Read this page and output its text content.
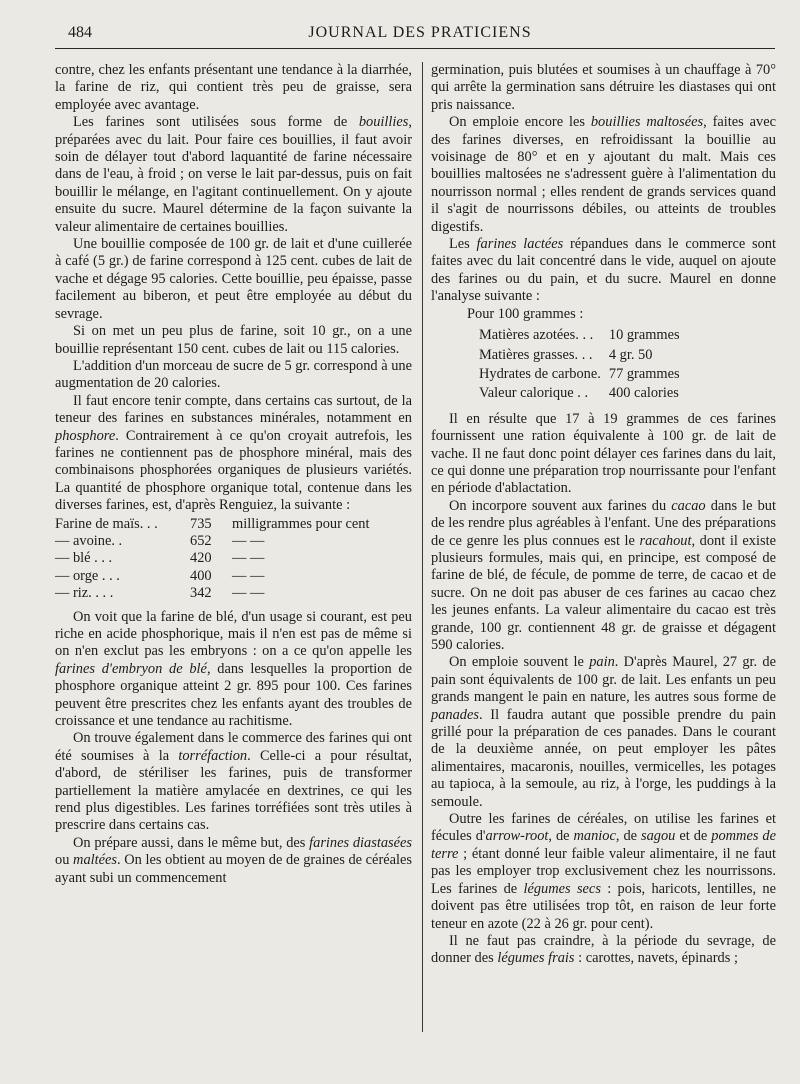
484	JOURNAL DES PRATICIENS

contre, chez les enfants présentant une tendance à la diarrhée, la farine de riz, qui contient très peu de graisse, sera employée avec avantage.

Les farines sont utilisées sous forme de bouillies, préparées avec du lait. Pour faire ces bouillies, il faut avoir soin de délayer tout d'abord laquantité de farine nécessaire dans de l'eau, à froid ; on verse le lait par-dessus, puis on fait bouillir le mélange, en l'agitant continuellement. On y ajoute ensuite du sucre. Maurel détermine de la façon suivante la valeur alimentaire de certaines bouillies.

Une bouillie composée de 100 gr. de lait et d'une cuillerée à café (5 gr.) de farine correspond à 125 cent. cubes de lait de vache et dégage 95 calories. Cette bouillie, peu épaisse, passe facilement au biberon, et peut être employée au début du sevrage.

Si on met un peu plus de farine, soit 10 gr., on a une bouillie représentant 150 cent. cubes de lait ou 115 calories.

L'addition d'un morceau de sucre de 5 gr. correspond à une augmentation de 20 calories.

Il faut encore tenir compte, dans certains cas surtout, de la teneur des farines en substances minérales, notamment en phosphore. Contrairement à ce qu'on croyait autrefois, les farines ne contiennent pas de phosphore minéral, mais des combinaisons phosphorées organiques de plusieurs variétés. La quantité de phosphore organique total, contenue dans les diverses farines, est, d'après Renguiez, la suivante :

Farine de maïs. . .	735	milligrammes pour cent
— avoine. .	652	— —
— blé . . .	420	— —
— orge . . .	400	— —
— riz. . . .	342	— —

On voit que la farine de blé, d'un usage si courant, est peu riche en acide phosphorique, mais il n'en est pas de même si on n'en exclut pas les embryons : on a ce qu'on appelle les farines d'embryon de blé, dans lesquelles la proportion de phosphore organique atteint 2 gr. 895 pour 100. Ces farines peuvent être prescrites chez les enfants ayant des troubles de croissance et une tendance au rachitisme.

On trouve également dans le commerce des farines qui ont été soumises à la torréfaction. Celle-ci a pour résultat, d'abord, de stériliser les farines, puis de transformer partiellement la matière amylacée en dextrines, ce qui les rend plus digestibles. Les farines torréfiées sont très utiles à prescrire dans certains cas.

On prépare aussi, dans le même but, des farines diastasées ou maltées. On les obtient au moyen de de graines de céréales ayant subi un commencement

germination, puis blutées et soumises à un chauffage à 70° qui arrête la germination sans détruire les diastases qui ont pris naissance.

On emploie encore les bouillies maltosées, faites avec des farines diverses, en refroidissant la bouillie au voisinage de 80° et en y ajoutant du malt. Mais ces bouillies maltosées ne s'adressent guère à l'alimentation du nourrisson normal ; elles rendent de grands services quand il s'agit de nourrissons débiles, ou atteints de troubles digestifs.

Les farines lactées répandues dans le commerce sont faites avec du lait concentré dans le vide, auquel on ajoute des farines ou du pain, et du sucre. Maurel en donne l'analyse suivante :

Pour 100 grammes :

Matières azotées. . .	10 grammes
Matières grasses. . .	4 gr. 50
Hydrates de carbone.	77 grammes
Valeur calorique . .	400 calories

Il en résulte que 17 à 19 grammes de ces farines fournissent une ration équivalente à 100 gr. de lait de vache. Il ne faut donc point délayer ces farines dans du lait, ce qui donne une préparation trop nourrissante pour l'enfant en période d'ablactation.

On incorpore souvent aux farines du cacao dans le but de les rendre plus agréables à l'enfant. Une des préparations de ce genre les plus connues est le racahout, dont il existe plusieurs formules, mais qui, en principe, est composé de farine de blé, de fécule, de pomme de terre, de cacao et de sucre. On ne doit pas abuser de ces farines au cacao chez les jeunes enfants. La valeur alimentaire du cacao est très grande, 100 gr. contiennent 48 gr. de graisse et dégagent 590 calories.

On emploie souvent le pain. D'après Maurel, 27 gr. de pain sont équivalents de 100 gr. de lait. Les enfants un peu grands mangent le pain en nature, les autres sous forme de panades. Il faudra autant que possible prendre du pain grillé pour la préparation de ces panades. Dans le courant de la deuxième année, on peut employer les pâtes alimentaires, macaronis, nouilles, vermicelles, les potages au tapioca, à la semoule, au riz, à l'orge, les puddings à la semoule.

Outre les farines de céréales, on utilise les farines et fécules d'arrow-root, de manioc, de sagou et de pommes de terre ; étant donné leur faible valeur alimentaire, il ne faut pas les employer trop exclusivement chez les nourrissons. Les farines de légumes secs : pois, haricots, lentilles, ne doivent pas être utilisées trop tôt, en raison de leur forte teneur en azote (22 à 26 gr. pour cent).

Il ne faut pas craindre, à la période du sevrage, de donner des légumes frais : carottes, navets, épinards ;
